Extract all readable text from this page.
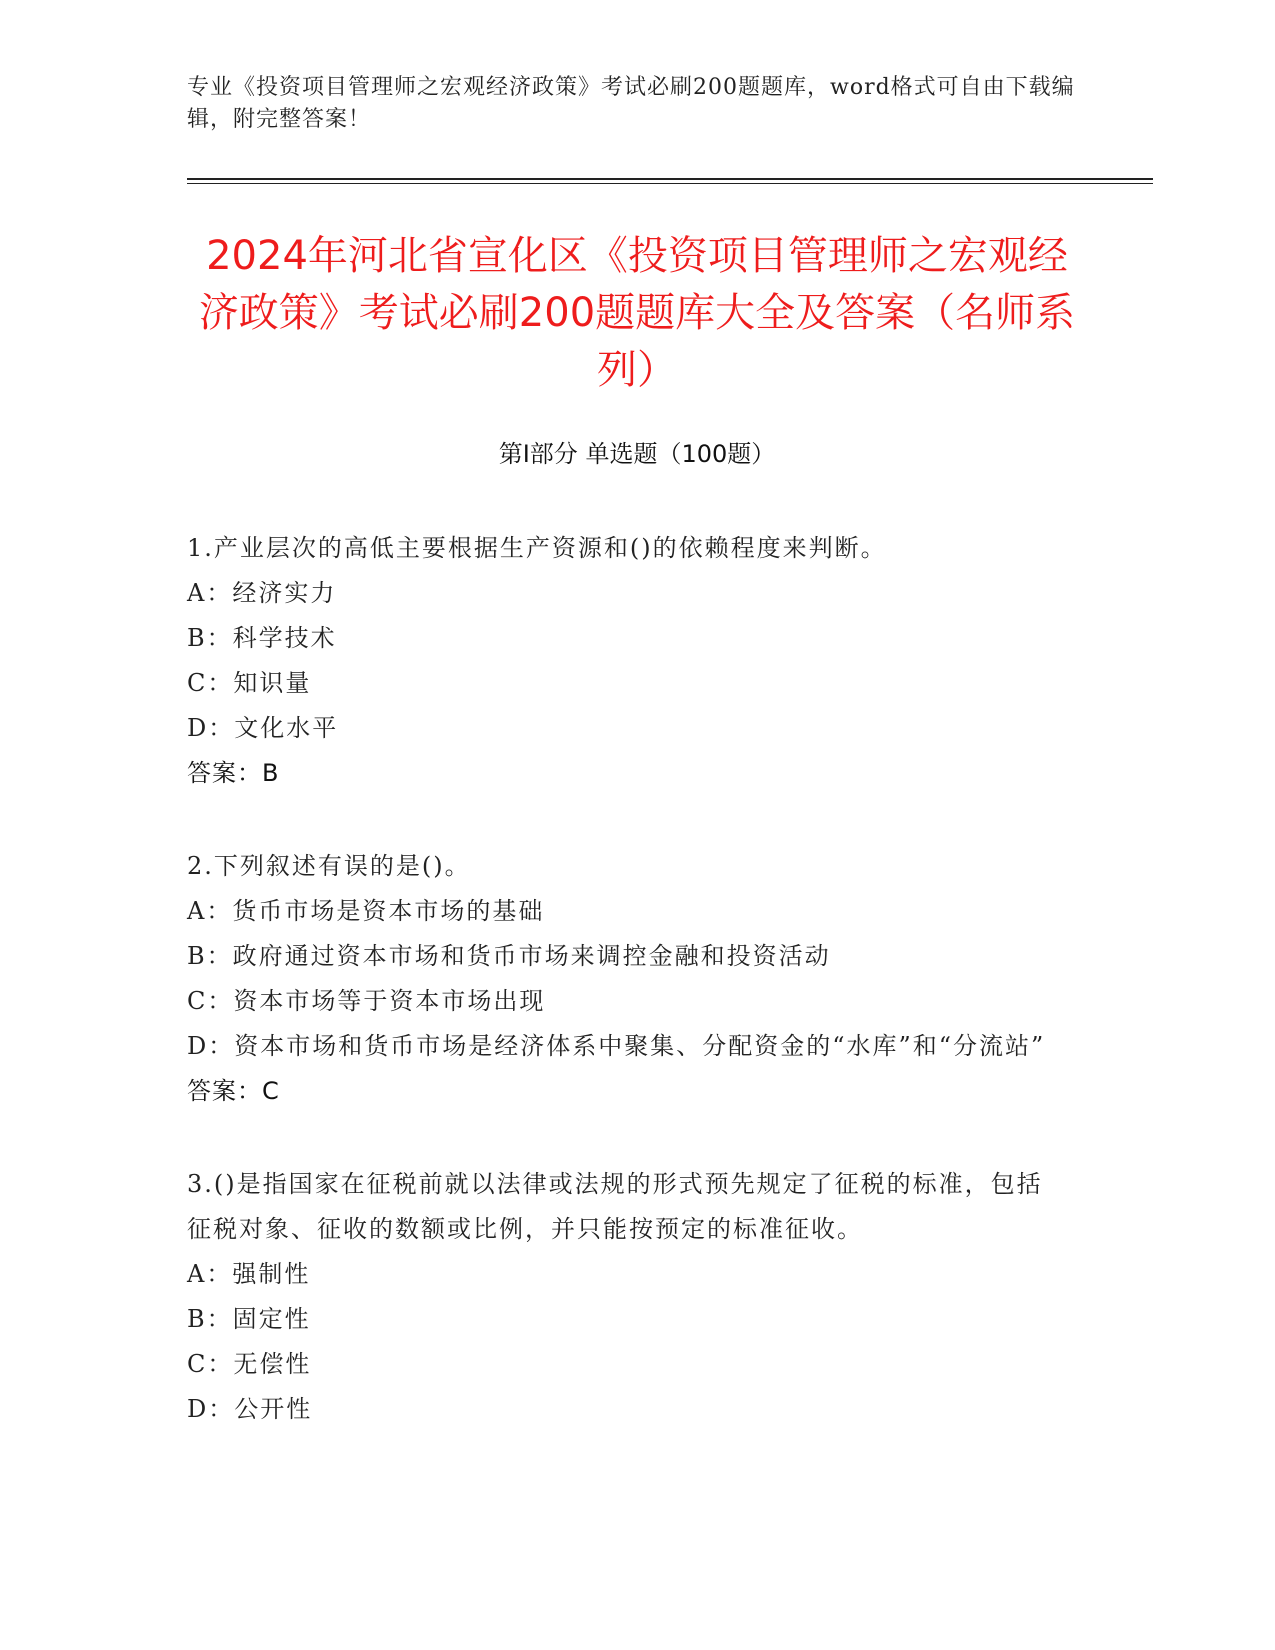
专业《投资项目管理师之宏观经济政策》考试必刷200题题库，word格式可自由下载编辑，附完整答案！
2024年河北省宣化区《投资项目管理师之宏观经济政策》考试必刷200题题库大全及答案（名师系列）
第Ⅰ部分 单选题（100题）

1.产业层次的高低主要根据生产资源和()的依赖程度来判断。

A：经济实力

B：科学技术

C：知识量

D：文化水平

答案：B

2.下列叙述有误的是()。

A：货币市场是资本市场的基础

B：政府通过资本市场和货币市场来调控金融和投资活动

C：资本市场等于资本市场出现

D：资本市场和货币市场是经济体系中聚集、分配资金的“水库”和“分流站”

答案：C

3.()是指国家在征税前就以法律或法规的形式预先规定了征税的标准，包括征税对象、征收的数额或比例，并只能按预定的标准征收。

A：强制性

B：固定性

C：无偿性

D：公开性
